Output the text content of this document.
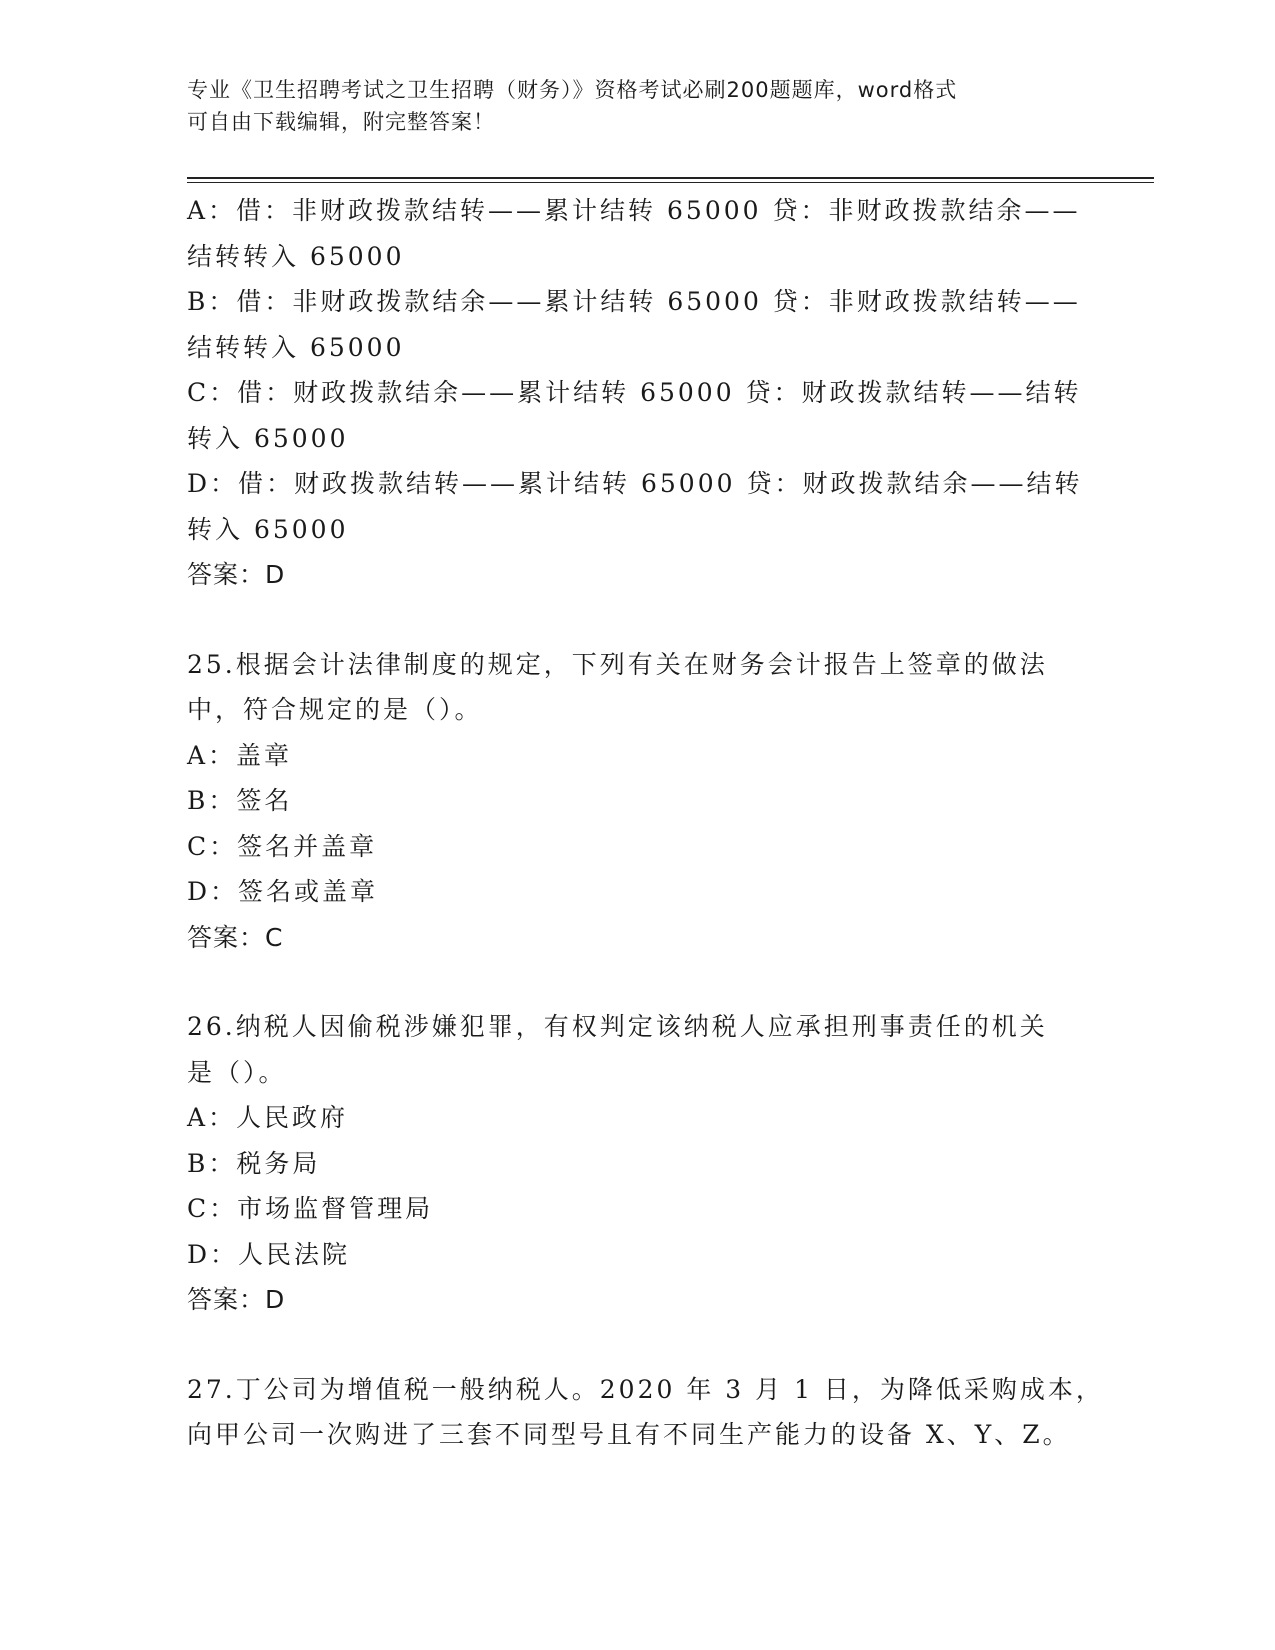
专业《卫生招聘考试之卫生招聘（财务）》资格考试必刷200题题库，word格式
可自由下载编辑，附完整答案！

A：借：非财政拨款结转——累计结转 65000 贷：非财政拨款结余——

结转转入 65000

B：借：非财政拨款结余——累计结转 65000 贷：非财政拨款结转——

结转转入 65000

C：借：财政拨款结余——累计结转 65000 贷：财政拨款结转——结转

转入 65000

D：借：财政拨款结转——累计结转 65000 贷：财政拨款结余——结转

转入 65000

答案：D

25.根据会计法律制度的规定，下列有关在财务会计报告上签章的做法

中，符合规定的是（）。

A：盖章

B：签名

C：签名并盖章

D：签名或盖章

答案：C

26.纳税人因偷税涉嫌犯罪，有权判定该纳税人应承担刑事责任的机关

是（）。

A：人民政府

B：税务局

C：市场监督管理局

D：人民法院

答案：D

27.丁公司为增值税一般纳税人。2020 年 3 月 1 日，为降低采购成本，

向甲公司一次购进了三套不同型号且有不同生产能力的设备 X、Y、Z。
